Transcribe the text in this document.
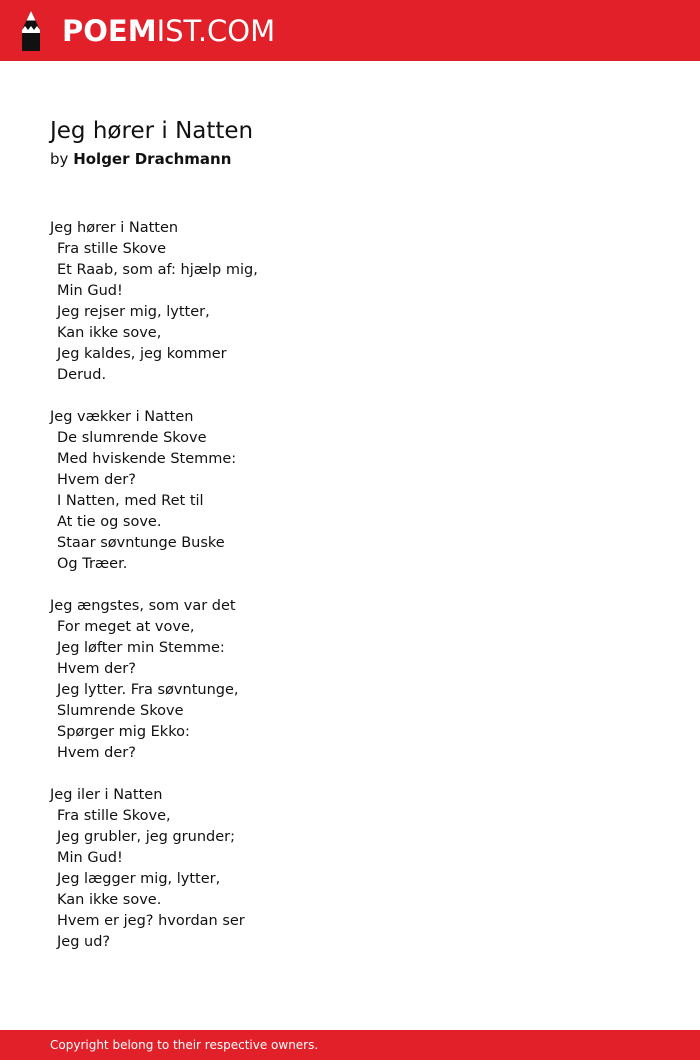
POEMIST.COM
Jeg hører i Natten
by Holger Drachmann
Jeg hører i Natten
Fra stille Skove
Et Raab, som af: hjælp mig,
Min Gud!
Jeg rejser mig, lytter,
Kan ikke sove,
Jeg kaldes, jeg kommer
Derud.
Jeg vækker i Natten
De slumrende Skove
Med hviskende Stemme:
Hvem der?
I Natten, med Ret til
At tie og sove.
Staar søvntunge Buske
Og Træer.
Jeg ængstes, som var det
For meget at vove,
Jeg løfter min Stemme:
Hvem der?
Jeg lytter. Fra søvntunge,
Slumrende Skove
Spørger mig Ekko:
Hvem der?
Jeg iler i Natten
Fra stille Skove,
Jeg grubler, jeg grunder;
Min Gud!
Jeg lægger mig, lytter,
Kan ikke sove.
Hvem er jeg? hvordan ser
Jeg ud?
Copyright belong to their respective owners.
